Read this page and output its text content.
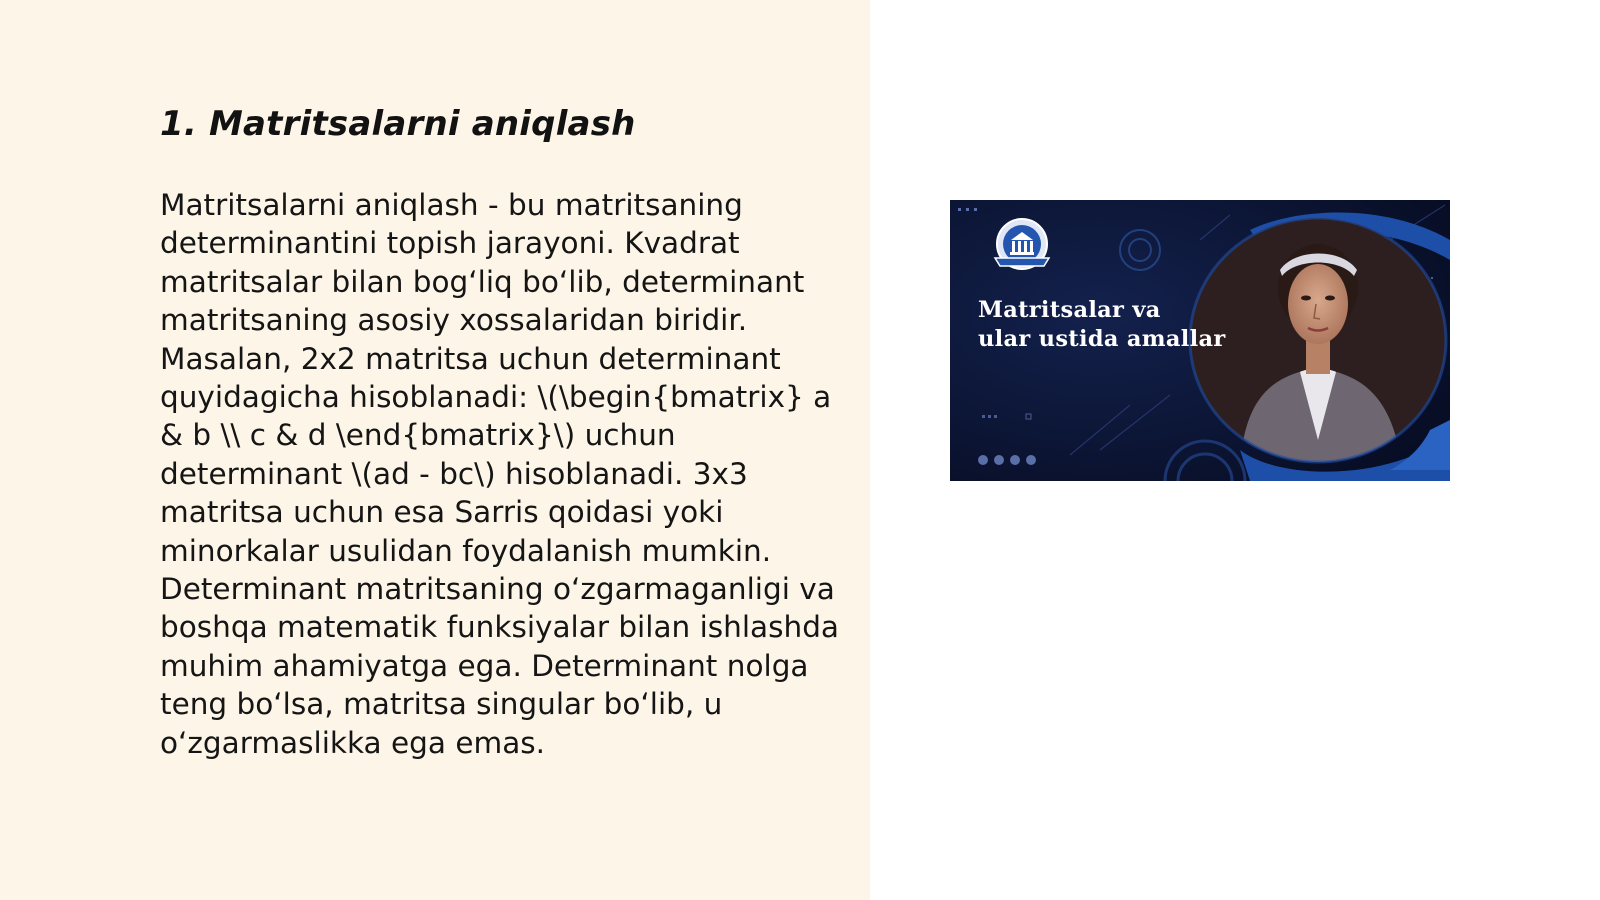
1. Matritsalarni aniqlash

Matritsalarni aniqlash - bu matritsaning determinantini topish jarayoni. Kvadrat matritsalar bilan bog‘liq bo‘lib, determinant matritsaning asosiy xossalaridan biridir. Masalan, 2x2 matritsa uchun determinant quyidagicha hisoblanadi: \(\begin{bmatrix} a & b \\ c & d \end{bmatrix}\) uchun determinant \(ad - bc\) hisoblanadi. 3x3 matritsa uchun esa Sarris qoidasi yoki minorkalar usulidan foydalanish mumkin. Determinant matritsaning o‘zgarmaganligi va boshqa matematik funksiyalar bilan ishlashda muhim ahamiyatga ega. Determinant nolga teng bo‘lsa, matritsa singular bo‘lib, u o‘zgarmaslikka ega emas.

Matritsalar va
ular ustida amallar
